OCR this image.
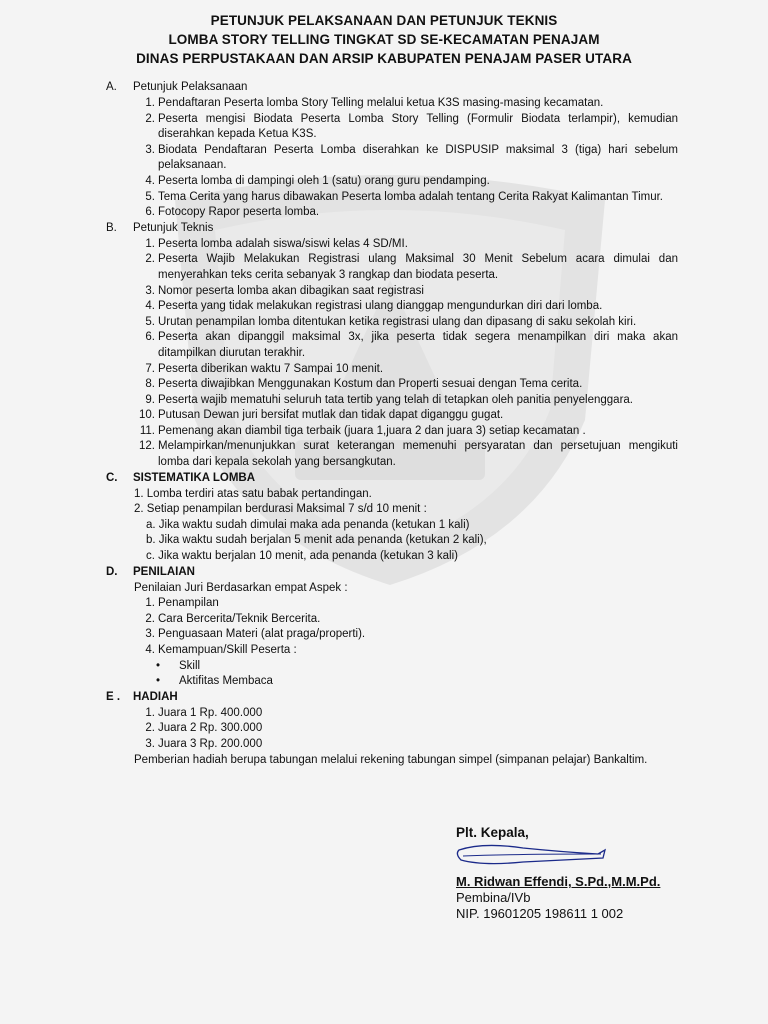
PETUNJUK PELAKSANAAN DAN PETUNJUK TEKNIS
LOMBA STORY TELLING TINGKAT SD SE-KECAMATAN PENAJAM
DINAS PERPUSTAKAAN DAN ARSIP KABUPATEN PENAJAM PASER UTARA
A. Petunjuk Pelaksanaan
1. Pendaftaran Peserta lomba Story Telling melalui ketua K3S masing-masing kecamatan.
2. Peserta mengisi Biodata Peserta Lomba Story Telling (Formulir Biodata terlampir), kemudian diserahkan kepada Ketua K3S.
3. Biodata Pendaftaran Peserta Lomba diserahkan ke DISPUSIP maksimal 3 (tiga) hari sebelum pelaksanaan.
4. Peserta lomba di dampingi oleh 1 (satu) orang guru pendamping.
5. Tema Cerita yang harus dibawakan Peserta lomba adalah tentang Cerita Rakyat Kalimantan Timur.
6. Fotocopy Rapor peserta lomba.
B. Petunjuk Teknis
1. Peserta lomba adalah siswa/siswi kelas 4 SD/MI.
2. Peserta Wajib Melakukan Registrasi ulang Maksimal 30 Menit Sebelum acara dimulai dan menyerahkan teks cerita sebanyak 3 rangkap dan biodata peserta.
3. Nomor peserta lomba akan dibagikan saat registrasi
4. Peserta yang tidak melakukan registrasi ulang dianggap mengundurkan diri dari lomba.
5. Urutan penampilan lomba ditentukan ketika registrasi ulang dan dipasang di saku sekolah kiri.
6. Peserta akan dipanggil maksimal 3x, jika peserta tidak segera menampilkan diri maka akan ditampilkan diurutan terakhir.
7. Peserta diberikan waktu 7 Sampai 10 menit.
8. Peserta diwajibkan Menggunakan Kostum dan Properti sesuai dengan Tema cerita.
9. Peserta wajib mematuhi seluruh tata tertib yang telah di tetapkan oleh panitia penyelenggara.
10. Putusan Dewan juri bersifat mutlak dan tidak dapat diganggu gugat.
11. Pemenang akan diambil tiga terbaik (juara 1,juara 2 dan juara 3) setiap kecamatan .
12. Melampirkan/menunjukkan surat keterangan memenuhi persyaratan dan persetujuan mengikuti lomba dari kepala sekolah yang bersangkutan.
C. SISTEMATIKA LOMBA
1. Lomba terdiri atas satu babak pertandingan.
2. Setiap penampilan berdurasi Maksimal 7 s/d 10 menit :
a. Jika waktu sudah dimulai maka ada penanda (ketukan 1 kali)
b. Jika waktu sudah berjalan 5 menit ada penanda (ketukan 2 kali),
c. Jika waktu berjalan 10 menit, ada penanda (ketukan 3 kali)
D. PENILAIAN
Penilaian Juri Berdasarkan empat Aspek :
1. Penampilan
2. Cara Bercerita/Teknik Bercerita.
3. Penguasaan Materi (alat praga/properti).
4. Kemampuan/Skill Peserta :
• Skill
• Aktifitas Membaca
E . HADIAH
1. Juara 1 Rp. 400.000
2. Juara 2 Rp. 300.000
3. Juara 3 Rp. 200.000
Pemberian hadiah berupa tabungan melalui rekening tabungan simpel (simpanan pelajar) Bankaltim.
Plt. Kepala,
M. Ridwan Effendi, S.Pd.,M.M.Pd.
Pembina/IVb
NIP. 19601205 198611 1 002
